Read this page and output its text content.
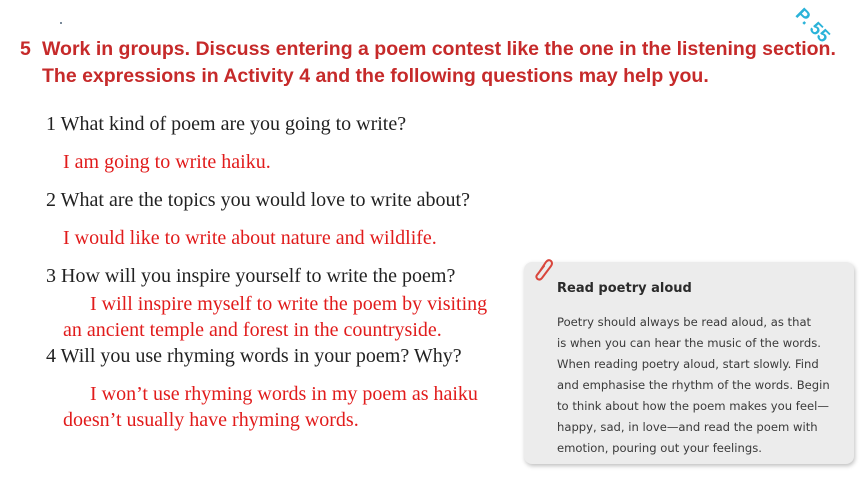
P. 55
5 Work in groups. Discuss entering a poem contest like the one in the listening section.
The expressions in Activity 4 and the following questions may help you.
1 What kind of poem are you going to write?
I am going to write haiku.
2 What are the topics you would love to write about?
I would like to write about nature and wildlife.
3 How will you inspire yourself to write the poem?
I will inspire myself to write the poem by visiting
an ancient temple and forest in the countryside.
4 Will you use rhyming words in your poem? Why?
I won’t use rhyming words in my poem as haiku
doesn’t usually have rhyming words.
Read poetry aloud
Poetry should always be read aloud, as that
is when you can hear the music of the words.
When reading poetry aloud, start slowly. Find
and emphasise the rhythm of the words. Begin
to think about how the poem makes you feel—
happy, sad, in love—and read the poem with
emotion, pouring out your feelings.
